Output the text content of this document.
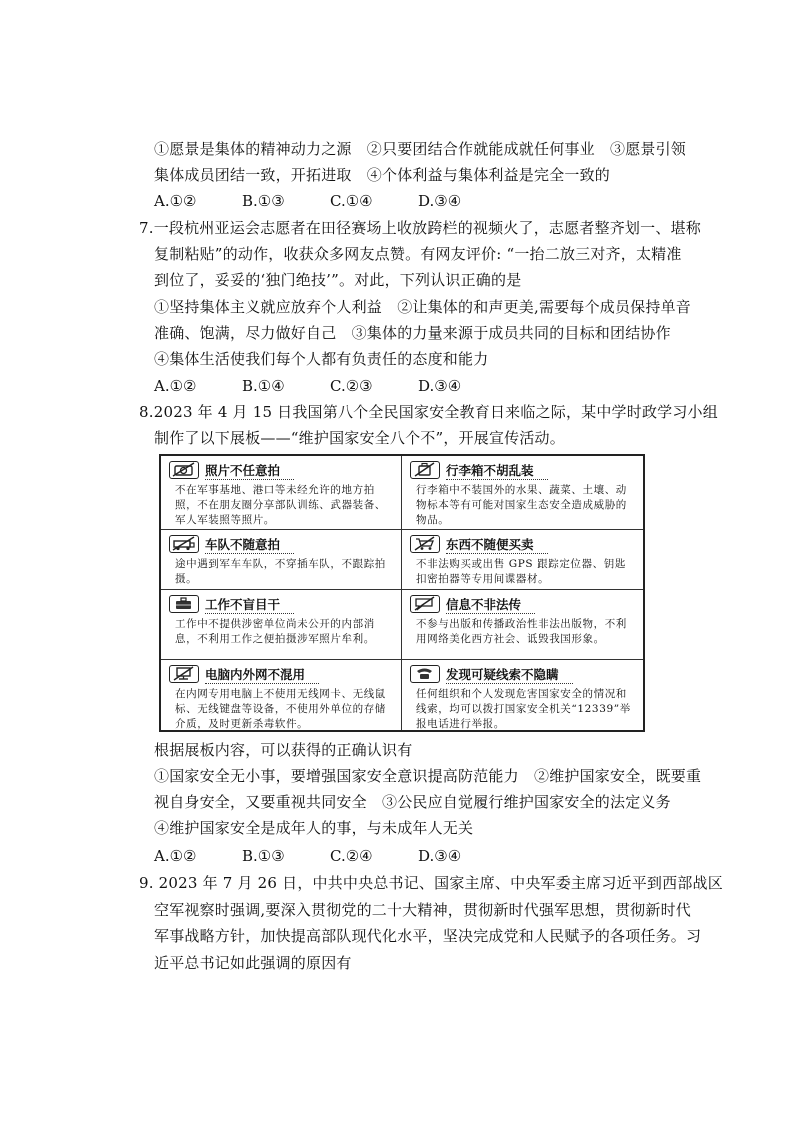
①愿景是集体的精神动力之源　②只要团结合作就能成就任何事业　③愿景引领
集体成员团结一致，开拓进取　④个体利益与集体利益是完全一致的
A.①②	B.①③	C.①④	D.③④
7.一段杭州亚运会志愿者在田径赛场上收放跨栏的视频火了，志愿者整齐划一、堪称
复制粘贴”的动作，收获众多网友点赞。有网友评价: “一抬二放三对齐，太精准
到位了，妥妥的‘独门绝技’”。对此，下列认识正确的是
①坚持集体主义就应放弃个人利益　②让集体的和声更美,需要每个成员保持单音
准确、饱满，尽力做好自己　③集体的力量来源于成员共同的目标和团结协作
④集体生活使我们每个人都有负责任的态度和能力
A.①②	B.①④	C.②③	D.③④
8.2023 年 4 月 15 日我国第八个全民国家安全教育日来临之际，某中学时政学习小组
制作了以下展板——“维护国家安全八个不”，开展宣传活动。
照片不任意拍
不在军事基地、港口等未经允许的地方拍照，不在朋友圈分享部队训练、武器装备、军人军装照等照片。
行李箱不胡乱装
行李箱中不装国外的水果、蔬菜、土壤、动物标本等有可能对国家生态安全造成威胁的物品。
车队不随意拍
途中遇到军车车队，不穿插车队，不跟踪拍摄。
东西不随便买卖
不非法购买或出售 GPS 跟踪定位器、钥匙扣密拍器等专用间谍器材。
工作不盲目干
工作中不提供涉密单位尚未公开的内部消息，不利用工作之便拍摄涉军照片牟利。
信息不非法传
不参与出版和传播政治性非法出版物，不利用网络美化西方社会、诋毁我国形象。
电脑内外网不混用
在内网专用电脑上不使用无线网卡、无线鼠标、无线键盘等设备，不使用外单位的存储介质，及时更新杀毒软件。
发现可疑线索不隐瞒
任何组织和个人发现危害国家安全的情况和线索，均可以拨打国家安全机关“12339”举报电话进行举报。
根据展板内容，可以获得的正确认识有
①国家安全无小事，要增强国家安全意识提高防范能力　②维护国家安全，既要重
视自身安全，又要重视共同安全　③公民应自觉履行维护国家安全的法定义务
④维护国家安全是成年人的事，与未成年人无关
A.①②	B.①③	C.②④	D.③④
9. 2023 年 7 月 26 日，中共中央总书记、国家主席、中央军委主席习近平到西部战区
空军视察时强调,要深入贯彻党的二十大精神，贯彻新时代强军思想，贯彻新时代
军事战略方针，加快提高部队现代化水平，坚决完成党和人民赋予的各项任务。习
近平总书记如此强调的原因有
